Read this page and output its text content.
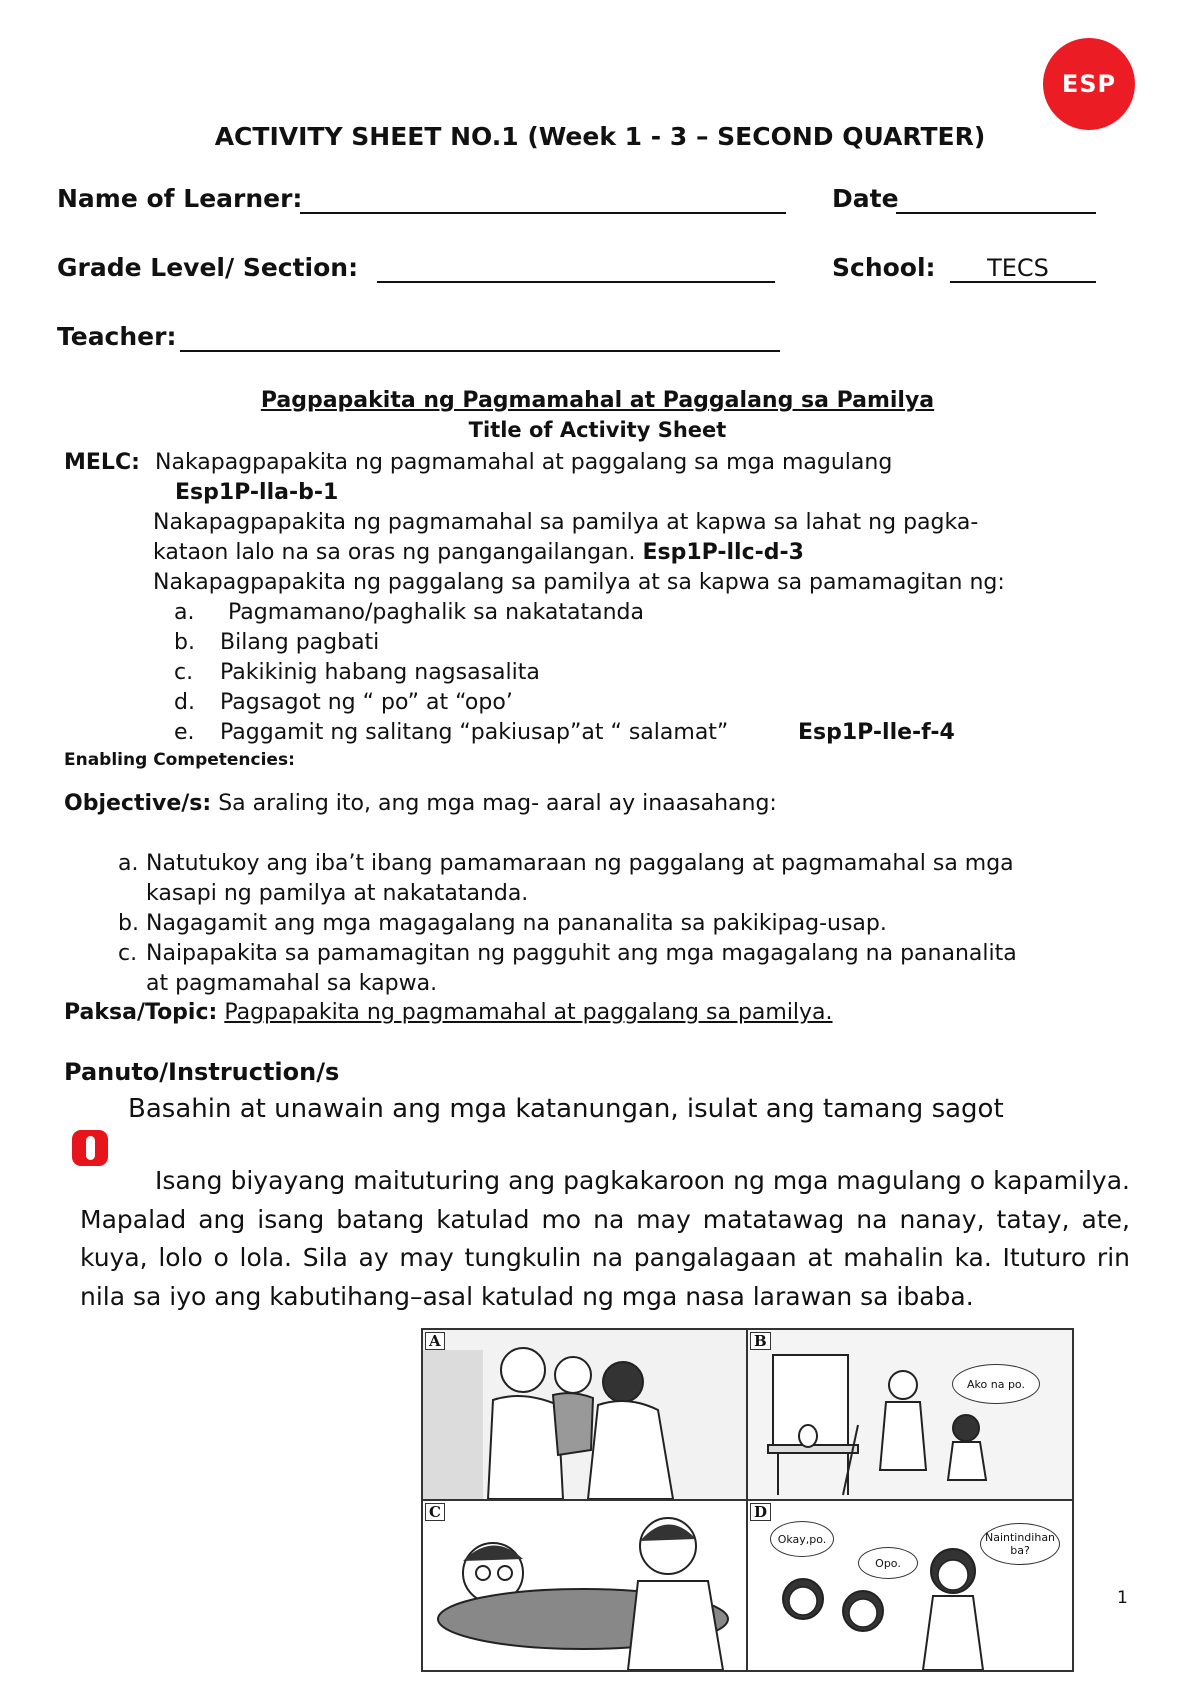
ESP
ACTIVITY SHEET NO.1 (Week 1 - 3 – SECOND QUARTER)
Name of Learner:	Date
Grade Level/ Section:	School:	TECS
Teacher:
Pagpapakita ng Pagmamahal at Paggalang sa Pamilya
Title of Activity Sheet
MELC: Nakapagpapakita ng pagmamahal at paggalang sa mga magulang
Esp1P-lla-b-1
Nakapagpapakita ng pagmamahal sa pamilya at kapwa sa lahat ng pagka-
kataon lalo na sa oras ng pangangailangan. Esp1P-llc-d-3
Nakapagpapakita ng paggalang sa pamilya at sa kapwa sa pamamagitan ng:
a. Pagmamano/paghalik sa nakatatanda
b. Bilang pagbati
c. Pakikinig habang nagsasalita
d. Pagsagot ng “ po” at “opo’
e. Paggamit ng salitang “pakiusap”at “ salamat”	Esp1P-lle-f-4
Enabling Competencies:
Objective/s: Sa araling ito, ang mga mag- aaral ay inaasahang:
a. Natutukoy ang iba’t ibang pamamaraan ng paggalang at pagmamahal sa mga
kasapi ng pamilya at nakatatanda.
b. Nagagamit ang mga magagalang na pananalita sa pakikipag-usap.
c. Naipapakita sa pamamagitan ng pagguhit ang mga magagalang na pananalita
at pagmamahal sa kapwa.
Paksa/Topic: Pagpapakita ng pagmamahal at paggalang sa pamilya.
Panuto/Instruction/s
Basahin at unawain ang mga katanungan, isulat ang tamang sagot
Isang biyayang maituturing ang pagkakaroon ng mga magulang o kapamilya. Mapalad ang isang batang katulad mo na may matatawag na nanay, tatay, ate, kuya, lolo o lola. Sila ay may tungkulin na pangalagaan at mahalin ka. Ituturo rin nila sa iyo ang kabutihang–asal katulad ng mga nasa larawan sa ibaba.
A	B
Ako na po.
C	D
Okay,po.
Opo.
Naintindihan ba?
1
